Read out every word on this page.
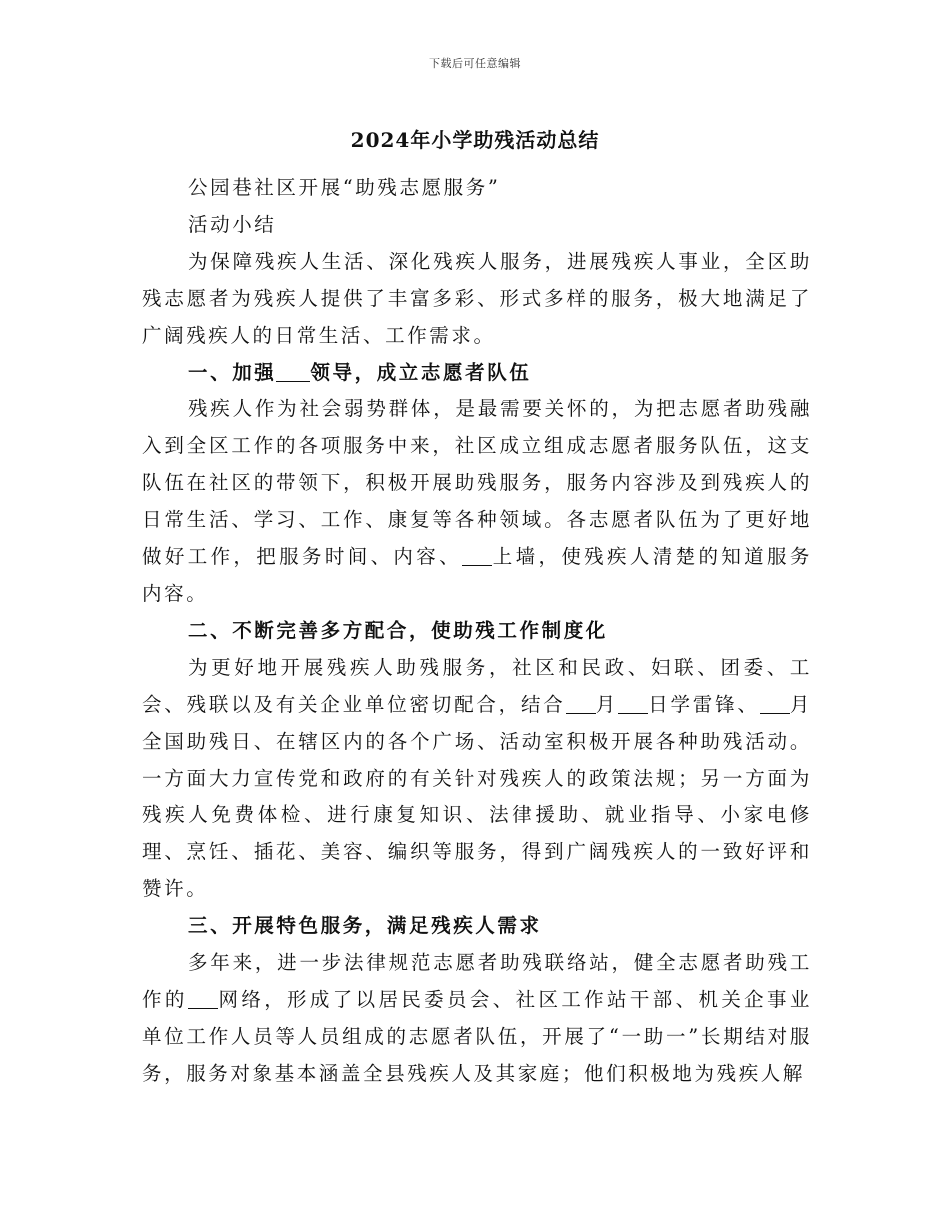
下载后可任意编辑
2024年小学助残活动总结

公园巷社区开展“助残志愿服务”

活动小结

为保障残疾人生活、深化残疾人服务，进展残疾人事业，全区助残志愿者为残疾人提供了丰富多彩、形式多样的服务，极大地满足了广阔残疾人的日常生活、工作需求。

一、加强 领导，成立志愿者队伍

残疾人作为社会弱势群体，是最需要关怀的，为把志愿者助残融入到全区工作的各项服务中来，社区成立组成志愿者服务队伍，这支队伍在社区的带领下，积极开展助残服务，服务内容涉及到残疾人的日常生活、学习、工作、康复等各种领域。各志愿者队伍为了更好地做好工作，把服务时间、内容、 上墙，使残疾人清楚的知道服务内容。

二、不断完善多方配合，使助残工作制度化

为更好地开展残疾人助残服务，社区和民政、妇联、团委、工会、残联以及有关企业单位密切配合，结合 月 日学雷锋、 月全国助残日、在辖区内的各个广场、活动室积极开展各种助残活动。一方面大力宣传党和政府的有关针对残疾人的政策法规；另一方面为残疾人免费体检、进行康复知识、法律援助、就业指导、小家电修理、烹饪、插花、美容、编织等服务，得到广阔残疾人的一致好评和赞许。

三、开展特色服务，满足残疾人需求

多年来，进一步法律规范志愿者助残联络站，健全志愿者助残工作的 网络，形成了以居民委员会、社区工作站干部、机关企事业单位工作人员等人员组成的志愿者队伍，开展了“一助一”长期结对服务，服务对象基本涵盖全县残疾人及其家庭；他们积极地为残疾人解
